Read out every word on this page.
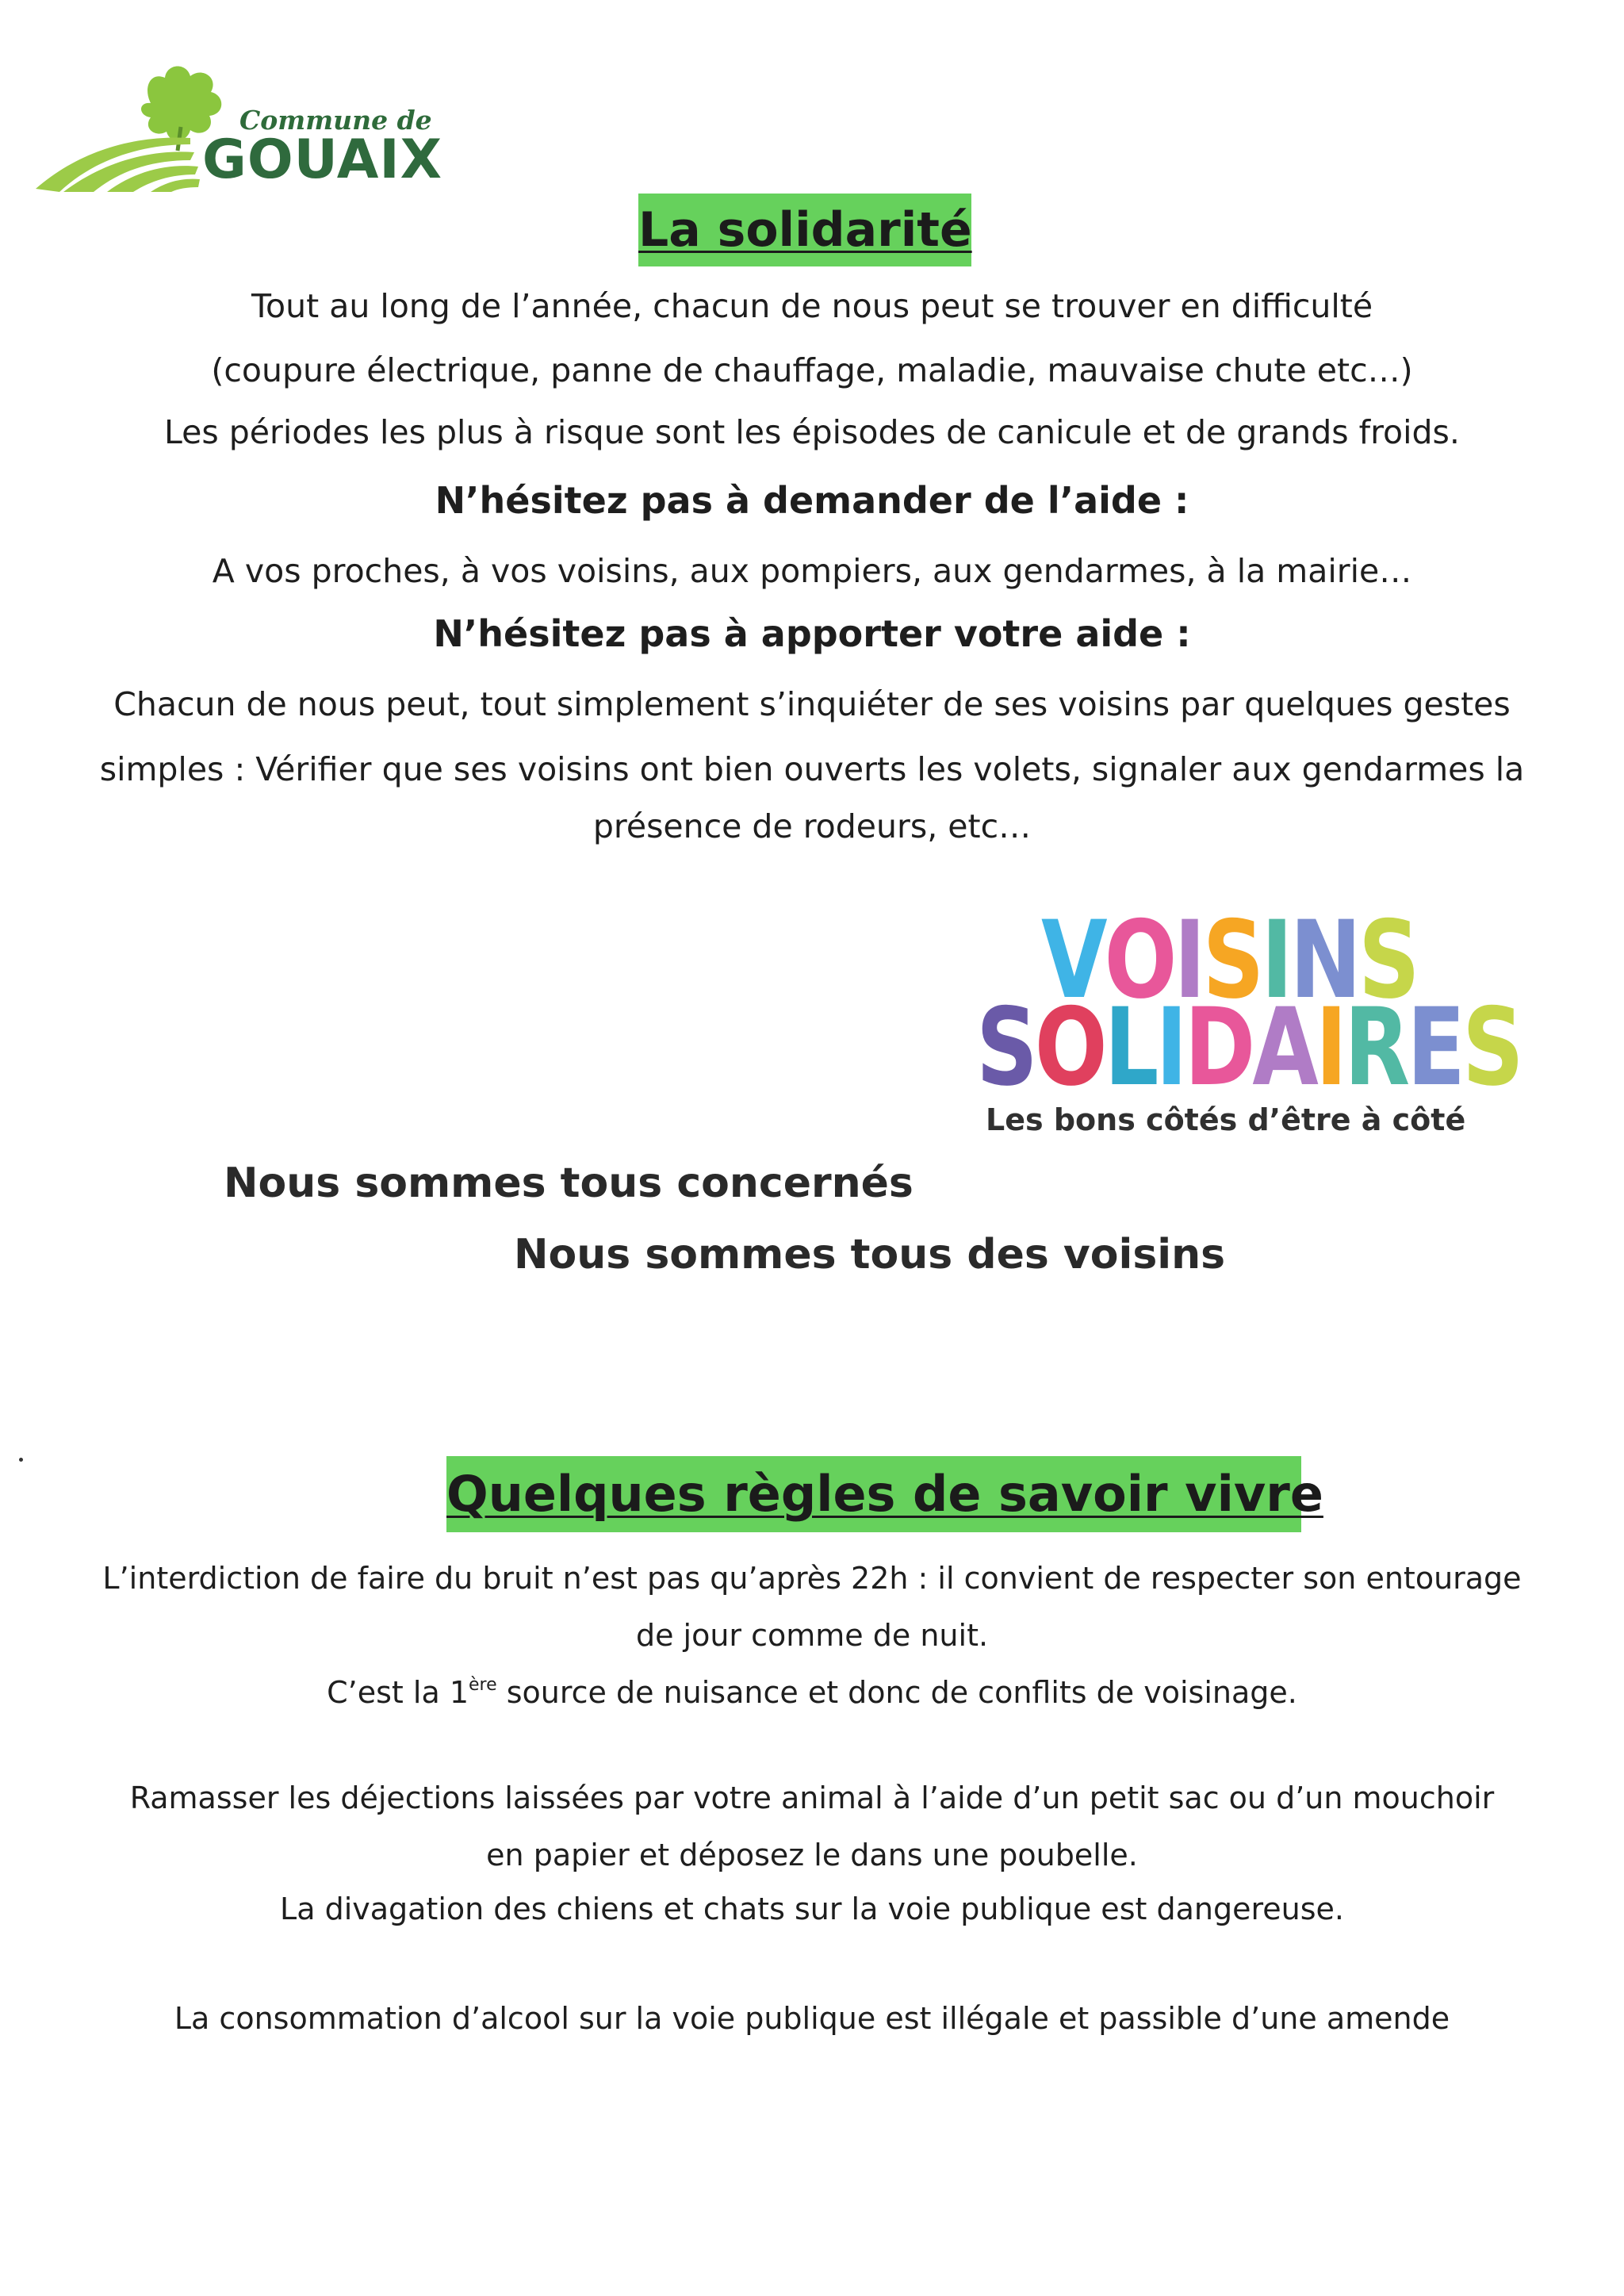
Commune de
GOUAIX
La solidarité
Tout au long de l’année, chacun de nous peut se trouver en difficulté
(coupure électrique, panne de chauffage, maladie, mauvaise chute etc…)
Les périodes les plus à risque sont les épisodes de canicule et de grands froids.
N’hésitez pas à demander de l’aide :
A vos proches, à vos voisins, aux pompiers, aux gendarmes, à la mairie…
N’hésitez pas à apporter votre aide :
Chacun de nous peut, tout simplement s’inquiéter de ses voisins par quelques gestes
simples : Vérifier que ses voisins ont bien ouverts les volets, signaler aux gendarmes la
présence de rodeurs, etc…
VOISINS
SOLIDAIRES
Les bons côtés d’être à côté
Nous sommes tous concernés
Nous sommes tous des voisins
Quelques règles de savoir vivre
L’interdiction de faire du bruit n’est pas qu’après 22h : il convient de respecter son entourage
de jour comme de nuit.
C’est la 1ère source de nuisance et donc de conflits de voisinage.
Ramasser les déjections laissées par votre animal à l’aide d’un petit sac ou d’un mouchoir
en papier et déposez le dans une poubelle.
La divagation des chiens et chats sur la voie publique est dangereuse.
La consommation d’alcool sur la voie publique est illégale et passible d’une amende
